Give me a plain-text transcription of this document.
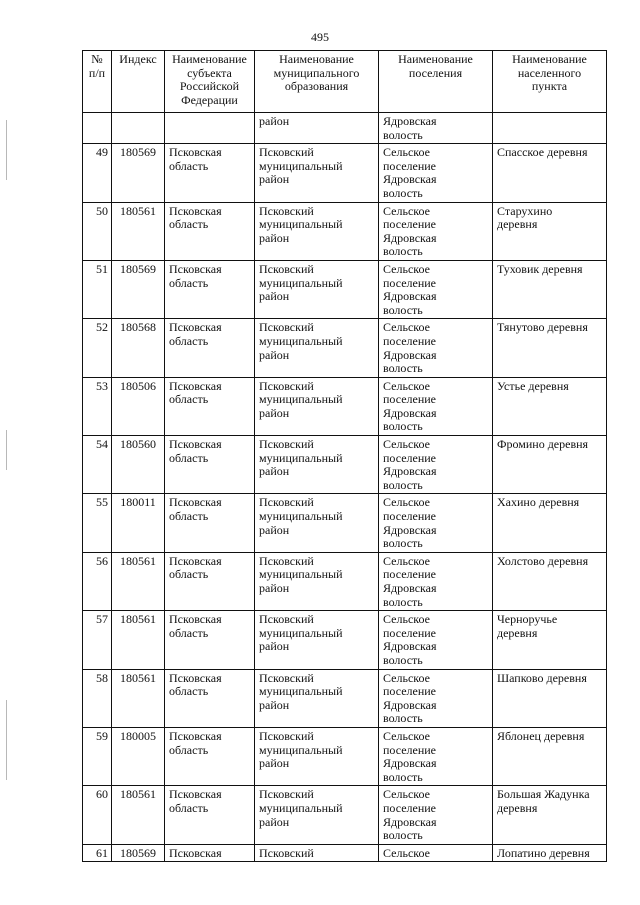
495
№
п/п	Индекс	Наименование
субъекта
Российской
Федерации	Наименование
муниципального
образования	Наименование
поселения	Наименование
населенного
пункта
			район	Ядровская
волость	
49	180569	Псковская
область	Псковский
муниципальный
район	Сельское
поселение
Ядровская
волость	Спасское деревня
50	180561	Псковская
область	Псковский
муниципальный
район	Сельское
поселение
Ядровская
волость	Старухино
деревня
51	180569	Псковская
область	Псковский
муниципальный
район	Сельское
поселение
Ядровская
волость	Туховик деревня
52	180568	Псковская
область	Псковский
муниципальный
район	Сельское
поселение
Ядровская
волость	Тянутово деревня
53	180506	Псковская
область	Псковский
муниципальный
район	Сельское
поселение
Ядровская
волость	Устье деревня
54	180560	Псковская
область	Псковский
муниципальный
район	Сельское
поселение
Ядровская
волость	Фромино деревня
55	180011	Псковская
область	Псковский
муниципальный
район	Сельское
поселение
Ядровская
волость	Хахино деревня
56	180561	Псковская
область	Псковский
муниципальный
район	Сельское
поселение
Ядровская
волость	Холстово деревня
57	180561	Псковская
область	Псковский
муниципальный
район	Сельское
поселение
Ядровская
волость	Черноручье
деревня
58	180561	Псковская
область	Псковский
муниципальный
район	Сельское
поселение
Ядровская
волость	Шапково деревня
59	180005	Псковская
область	Псковский
муниципальный
район	Сельское
поселение
Ядровская
волость	Яблонец деревня
60	180561	Псковская
область	Псковский
муниципальный
район	Сельское
поселение
Ядровская
волость	Большая Жадунка
деревня
61	180569	Псковская	Псковский	Сельское	Лопатино деревня
